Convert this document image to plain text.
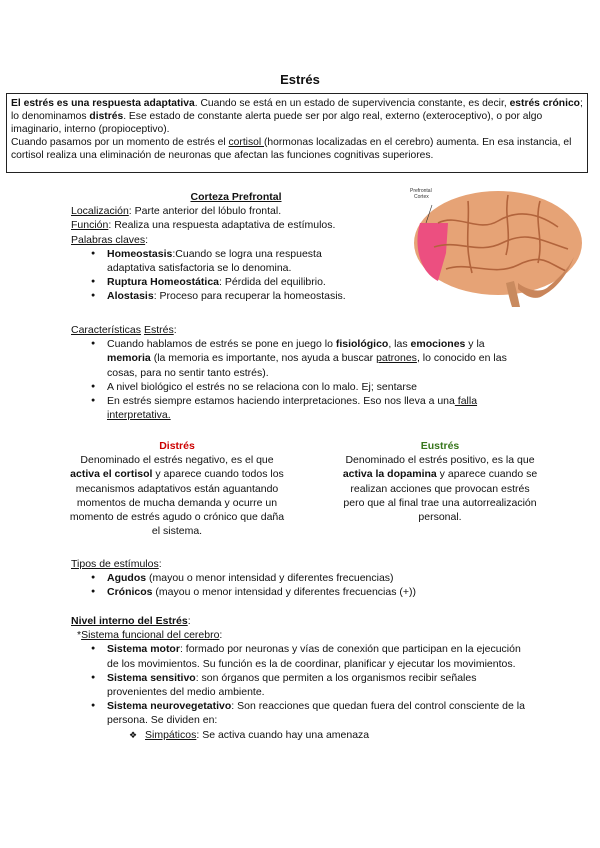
Estrés

El estrés es una respuesta adaptativa. Cuando se está en un estado de supervivencia constante, es decir, estrés crónico; lo denominamos distrés. Ese estado de constante alerta puede ser por algo real, externo (exteroceptivo), o por algo imaginario, interno (propioceptivo).

Cuando pasamos por un momento de estrés el cortisol (hormonas localizadas en el cerebro) aumenta. En esa instancia, el cortisol realiza una eliminación de neuronas que afectan las funciones cognitivas superiores.

Corteza Prefrontal
Localización: Parte anterior del lóbulo frontal.
Función: Realiza una respuesta adaptativa de estímulos.
Palabras claves:
● Homeostasis:Cuando se logra una respuesta adaptativa satisfactoria se lo denomina.
● Ruptura Homeostática: Pérdida del equilibrio.
● Alostasis: Proceso para recuperar la homeostasis.
Prefrontal
Cortex
Características Estrés:
● Cuando hablamos de estrés se pone en juego lo fisiológico, las emociones y la memoria (la memoria es importante, nos ayuda a buscar patrones, lo conocido en las cosas, para no sentir tanto estrés).
● A nivel biológico el estrés no se relaciona con lo malo. Ej; sentarse
● En estrés siempre estamos haciendo interpretaciones. Eso nos lleva a una falla interpretativa.
Distrés
Denominado el estrés negativo, es el que activa el cortisol y aparece cuando todos los mecanismos adaptativos están aguantando momentos de mucha demanda y ocurre un momento de estrés agudo o crónico que daña el sistema.
Eustrés
Denominado el estrés positivo, es la que activa la dopamina y aparece cuando se realizan acciones que provocan estrés pero que al final trae una autorrealización personal.
Tipos de estímulos:
● Agudos (mayou o menor intensidad y diferentes frecuencias)
● Crónicos (mayou o menor intensidad y diferentes frecuencias (+))
Nivel interno del Estrés:
*Sistema funcional del cerebro:
● Sistema motor: formado por neuronas y vías de conexión que participan en la ejecución de los movimientos. Su función es la de coordinar, planificar y ejecutar los movimientos.
● Sistema sensitivo: son órganos que permiten a los organismos recibir señales provenientes del medio ambiente.
● Sistema neurovegetativo: Son reacciones que quedan fuera del control consciente de la persona. Se dividen en:
❖ Simpáticos: Se activa cuando hay una amenaza
